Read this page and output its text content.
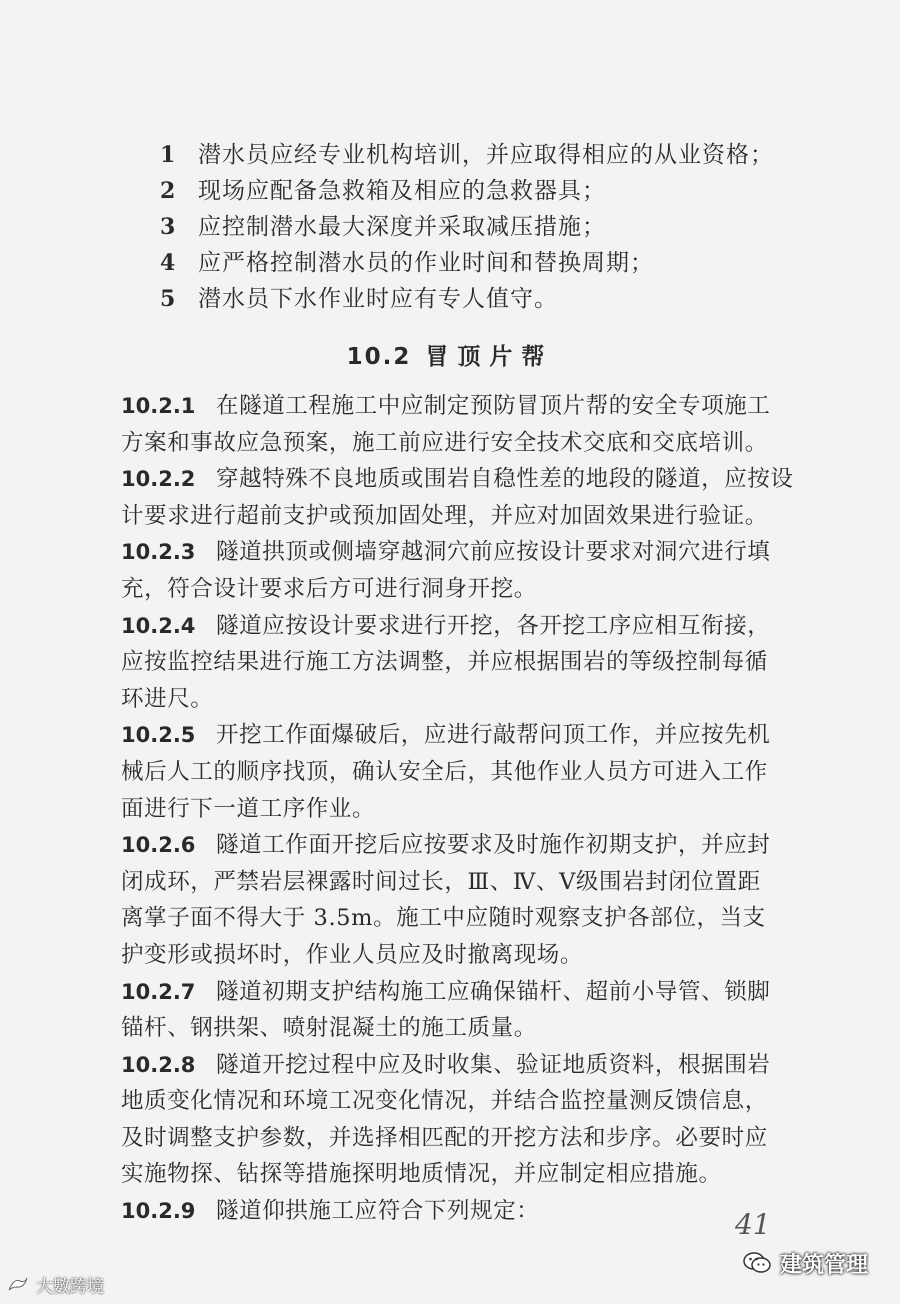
1 潜水员应经专业机构培训，并应取得相应的从业资格；
2 现场应配备急救箱及相应的急救器具；
3 应控制潜水最大深度并采取减压措施；
4 应严格控制潜水员的作业时间和替换周期；
5 潜水员下水作业时应有专人值守。
10.2 冒顶片帮
10.2.1 在隧道工程施工中应制定预防冒顶片帮的安全专项施工
方案和事故应急预案，施工前应进行安全技术交底和交底培训。
10.2.2 穿越特殊不良地质或围岩自稳性差的地段的隧道，应按设
计要求进行超前支护或预加固处理，并应对加固效果进行验证。
10.2.3 隧道拱顶或侧墙穿越洞穴前应按设计要求对洞穴进行填
充，符合设计要求后方可进行洞身开挖。
10.2.4 隧道应按设计要求进行开挖，各开挖工序应相互衔接，
应按监控结果进行施工方法调整，并应根据围岩的等级控制每循
环进尺。
10.2.5 开挖工作面爆破后，应进行敲帮问顶工作，并应按先机
械后人工的顺序找顶，确认安全后，其他作业人员方可进入工作
面进行下一道工序作业。
10.2.6 隧道工作面开挖后应按要求及时施作初期支护，并应封
闭成环，严禁岩层裸露时间过长，Ⅲ、Ⅳ、Ⅴ级围岩封闭位置距
离掌子面不得大于 3.5m。施工中应随时观察支护各部位，当支
护变形或损坏时，作业人员应及时撤离现场。
10.2.7 隧道初期支护结构施工应确保锚杆、超前小导管、锁脚
锚杆、钢拱架、喷射混凝土的施工质量。
10.2.8 隧道开挖过程中应及时收集、验证地质资料，根据围岩
地质变化情况和环境工况变化情况，并结合监控量测反馈信息，
及时调整支护参数，并选择相匹配的开挖方法和步序。必要时应
实施物探、钻探等措施探明地质情况，并应制定相应措施。
10.2.9 隧道仰拱施工应符合下列规定：	41
建筑管理
大數跨境
